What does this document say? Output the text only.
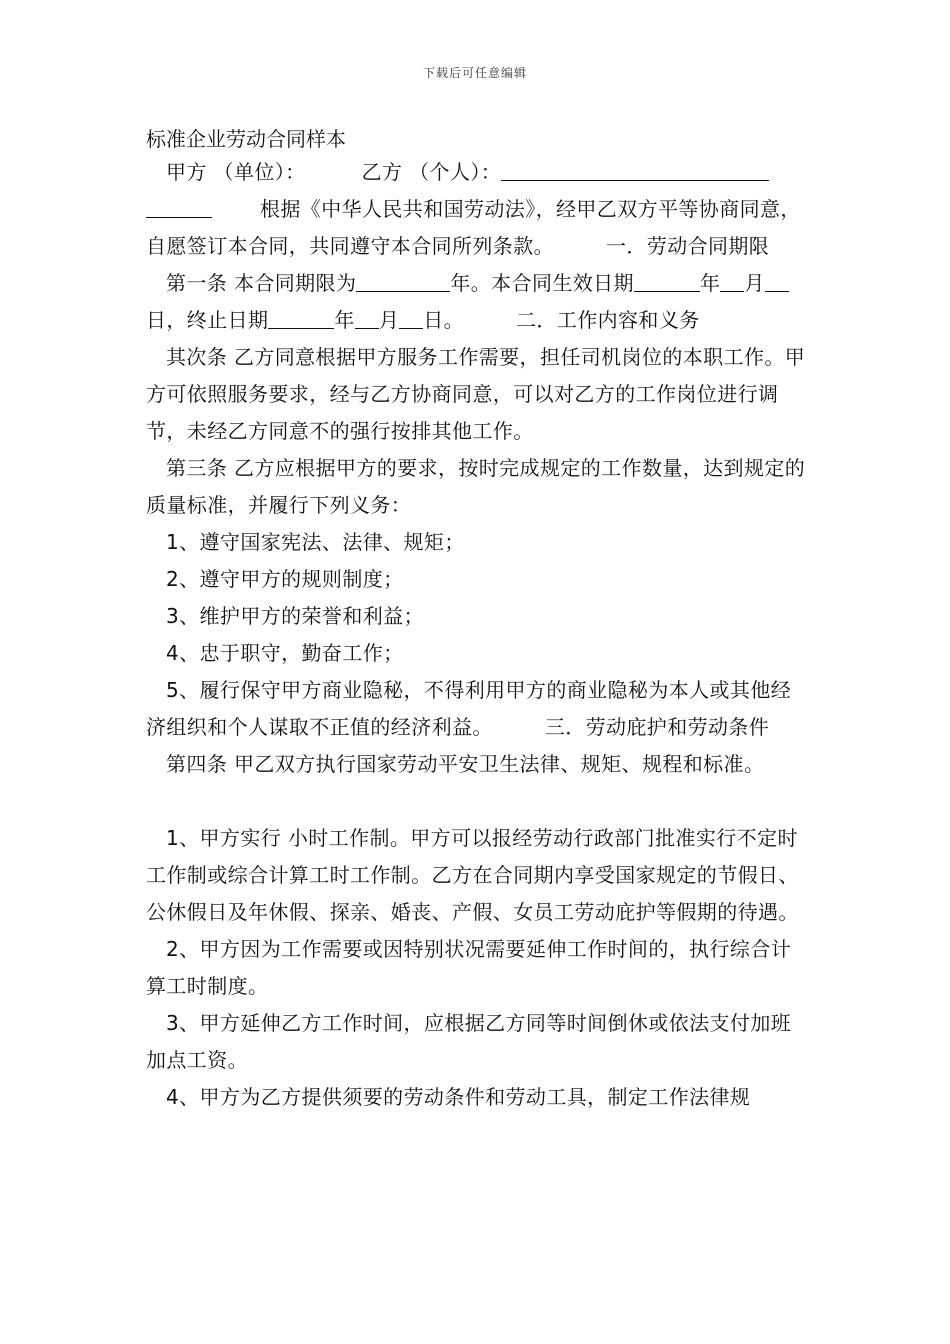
下载后可任意编辑
标准企业劳动合同样本

甲方 （单位）：	乙方 （个人）：

根据《中华人民共和国劳动法》，经甲乙双方平等协商同意，自愿签订本合同，共同遵守本合同所列条款。	一．劳动合同期限

第一条 本合同期限为	年。本合同生效日期	年 月日，终止日期	年 月 日。	二．工作内容和义务

其次条 乙方同意根据甲方服务工作需要，担任司机岗位的本职工作。甲方可依照服务要求，经与乙方协商同意，可以对乙方的工作岗位进行调节，未经乙方同意不的强行按排其他工作。

第三条 乙方应根据甲方的要求，按时完成规定的工作数量，达到规定的质量标准，并履行下列义务：

1、遵守国家宪法、法律、规矩；

2、遵守甲方的规则制度；

3、维护甲方的荣誉和利益；

4、忠于职守，勤奋工作；

5、履行保守甲方商业隐秘，不得利用甲方的商业隐秘为本人或其他经济组织和个人谋取不正值的经济利益。	三．劳动庇护和劳动条件

第四条 甲乙双方执行国家劳动平安卫生法律、规矩、规程和标准。

1、甲方实行 小时工作制。甲方可以报经劳动行政部门批准实行不定时工作制或综合计算工时工作制。乙方在合同期内享受国家规定的节假日、公休假日及年休假、探亲、婚丧、产假、女员工劳动庇护等假期的待遇。

2、甲方因为工作需要或因特别状况需要延伸工作时间的，执行综合计算工时制度。

3、甲方延伸乙方工作时间，应根据乙方同等时间倒休或依法支付加班加点工资。

4、甲方为乙方提供须要的劳动条件和劳动工具，制定工作法律规
